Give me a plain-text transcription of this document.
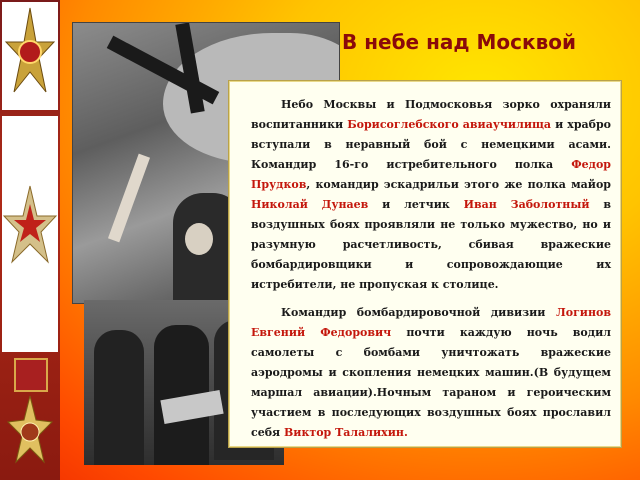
В небе над Москвой

Небо Москвы и Подмосковья зорко охраняли воспитанники Борисоглебского авиаучилища и храбро вступали в неравный бой с немецкими асами. Командир 16-го истребительного полка Федор Прудков, командир эскадрильи этого же полка майор Николай Дунаев и летчик Иван Заболотный в воздушных боях проявляли не только мужество, но и разумную расчетливость, сбивая вражеские бомбардировщики и сопровождающие их истребители, не пропуская к столице.

Командир бомбардировочной дивизии Логинов Евгений Федорович почти каждую ночь водил самолеты с бомбами уничтожать вражеские аэродромы и скопления немецких машин.(В будущем маршал авиации).Ночным тараном и героическим участием в последующих воздушных боях прославил себя Виктор Талалихин.
